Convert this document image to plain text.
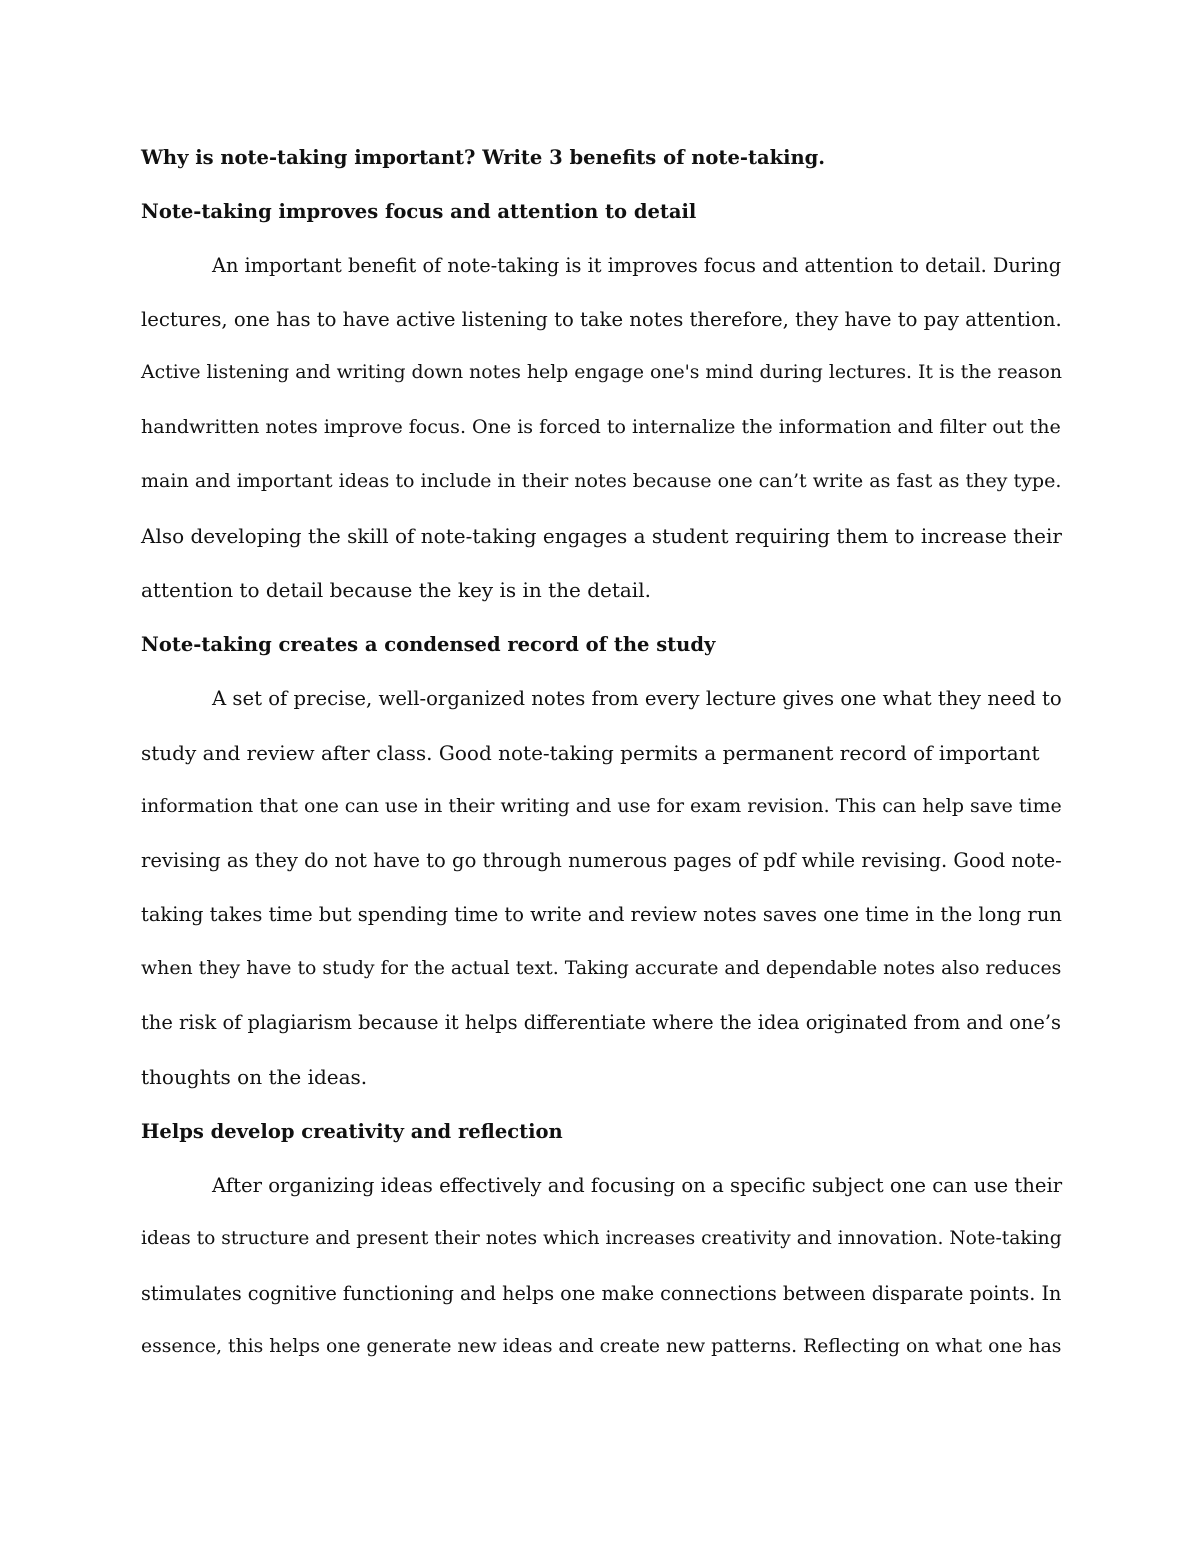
Why is note-taking important? Write 3 benefits of note-taking.
Note-taking improves focus and attention to detail
An important benefit of note-taking is it improves focus and attention to detail. During
lectures, one has to have active listening to take notes therefore, they have to pay attention.
Active listening and writing down notes help engage one's mind during lectures. It is the reason
handwritten notes improve focus. One is forced to internalize the information and filter out the
main and important ideas to include in their notes because one can’t write as fast as they type.
Also developing the skill of note-taking engages a student requiring them to increase their
attention to detail because the key is in the detail.
Note-taking creates a condensed record of the study
A set of precise, well-organized notes from every lecture gives one what they need to
study and review after class. Good note-taking permits a permanent record of important
information that one can use in their writing and use for exam revision. This can help save time
revising as they do not have to go through numerous pages of pdf while revising. Good note-
taking takes time but spending time to write and review notes saves one time in the long run
when they have to study for the actual text. Taking accurate and dependable notes also reduces
the risk of plagiarism because it helps differentiate where the idea originated from and one’s
thoughts on the ideas.
Helps develop creativity and reflection
After organizing ideas effectively and focusing on a specific subject one can use their
ideas to structure and present their notes which increases creativity and innovation. Note-taking
stimulates cognitive functioning and helps one make connections between disparate points. In
essence, this helps one generate new ideas and create new patterns. Reflecting on what one has
